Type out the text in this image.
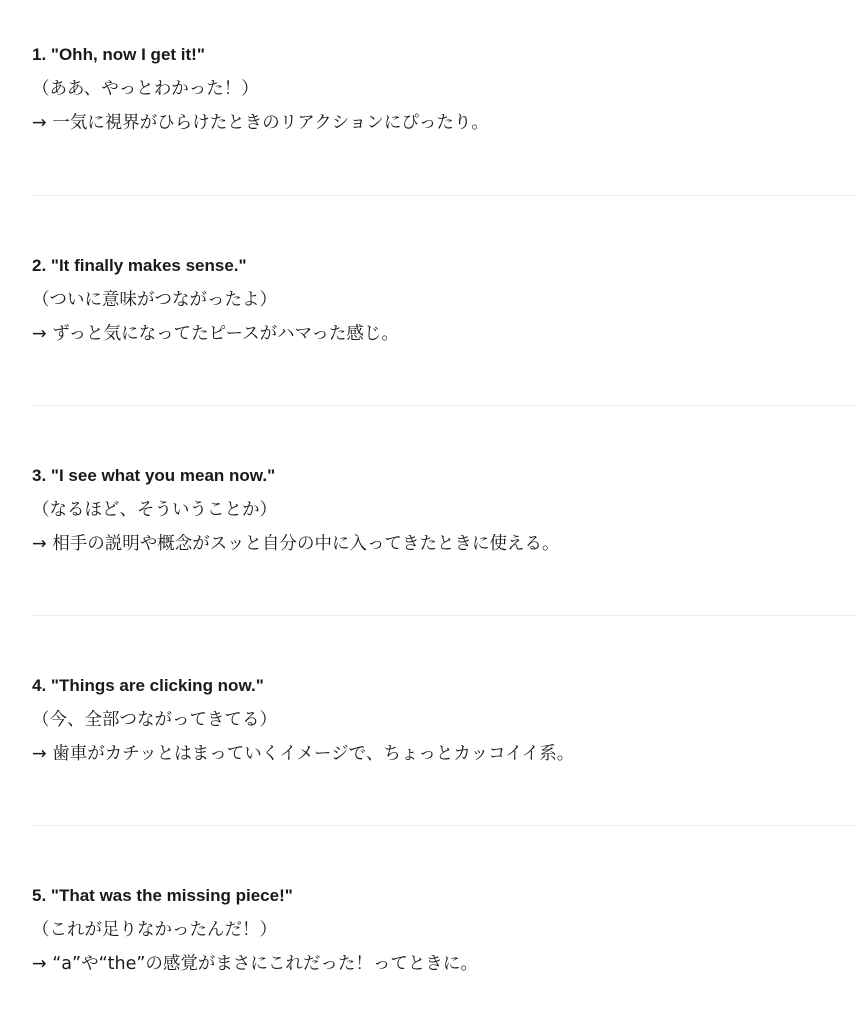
1. "Ohh, now I get it!"
（ああ、やっとわかった！）
→ 一気に視界がひらけたときのリアクションにぴったり。
2. "It finally makes sense."
（ついに意味がつながったよ）
→ ずっと気になってたピースがハマった感じ。
3. "I see what you mean now."
（なるほど、そういうことか）
→ 相手の説明や概念がスッと自分の中に入ってきたときに使える。
4. "Things are clicking now."
（今、全部つながってきてる）
→ 歯車がカチッとはまっていくイメージで、ちょっとカッコイイ系。
5. "That was the missing piece!"
（これが足りなかったんだ！）
→ “a”や“the”の感覚がまさにこれだった！ってときに。
